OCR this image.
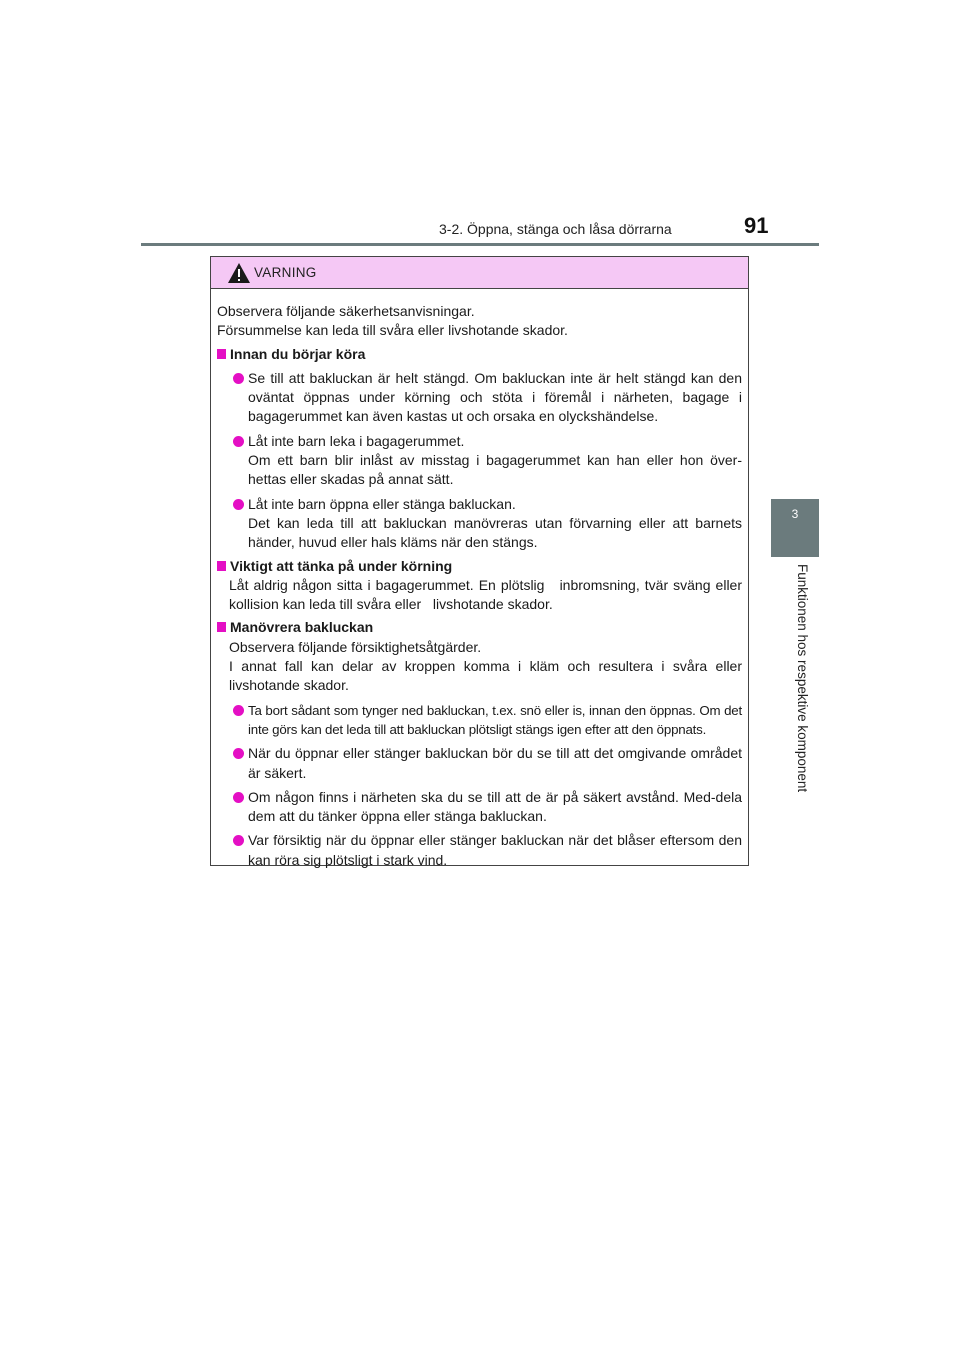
3-2. Öppna, stänga och låsa dörrarna	91
3
Funktionen hos respektive komponent
VARNING
Observera följande säkerhetsanvisningar.
Försummelse kan leda till svåra eller livshotande skador.
Innan du börjar köra
Se till att bakluckan är helt stängd. Om bakluckan inte är helt stängd kan den oväntat öppnas under körning och stöta i föremål i närheten, bagage i bagagerummet kan även kastas ut och orsaka en olyckshändelse.
Låt inte barn leka i bagagerummet.
Om ett barn blir inlåst av misstag i bagagerummet kan han eller hon över-hettas eller skadas på annat sätt.
Låt inte barn öppna eller stänga bakluckan.
Det kan leda till att bakluckan manövreras utan förvarning eller att barnets händer, huvud eller hals kläms när den stängs.
Viktigt att tänka på under körning
Låt aldrig någon sitta i bagagerummet. En plötslig   inbromsning, tvär sväng eller kollision kan leda till svåra eller   livshotande skador.
Manövrera bakluckan
Observera följande försiktighetsåtgärder.
I annat fall kan delar av kroppen komma i kläm och resultera i svåra eller livshotande skador.
Ta bort sådant som tynger ned bakluckan, t.ex. snö eller is, innan den öppnas. Om det inte görs kan det leda till att bakluckan plötsligt stängs igen efter att den öppnats.
När du öppnar eller stänger bakluckan bör du se till att det omgivande området är säkert.
Om någon finns i närheten ska du se till att de är på säkert avstånd. Med-dela dem att du tänker öppna eller stänga bakluckan.
Var försiktig när du öppnar eller stänger bakluckan när det blåser eftersom den kan röra sig plötsligt i stark vind.
